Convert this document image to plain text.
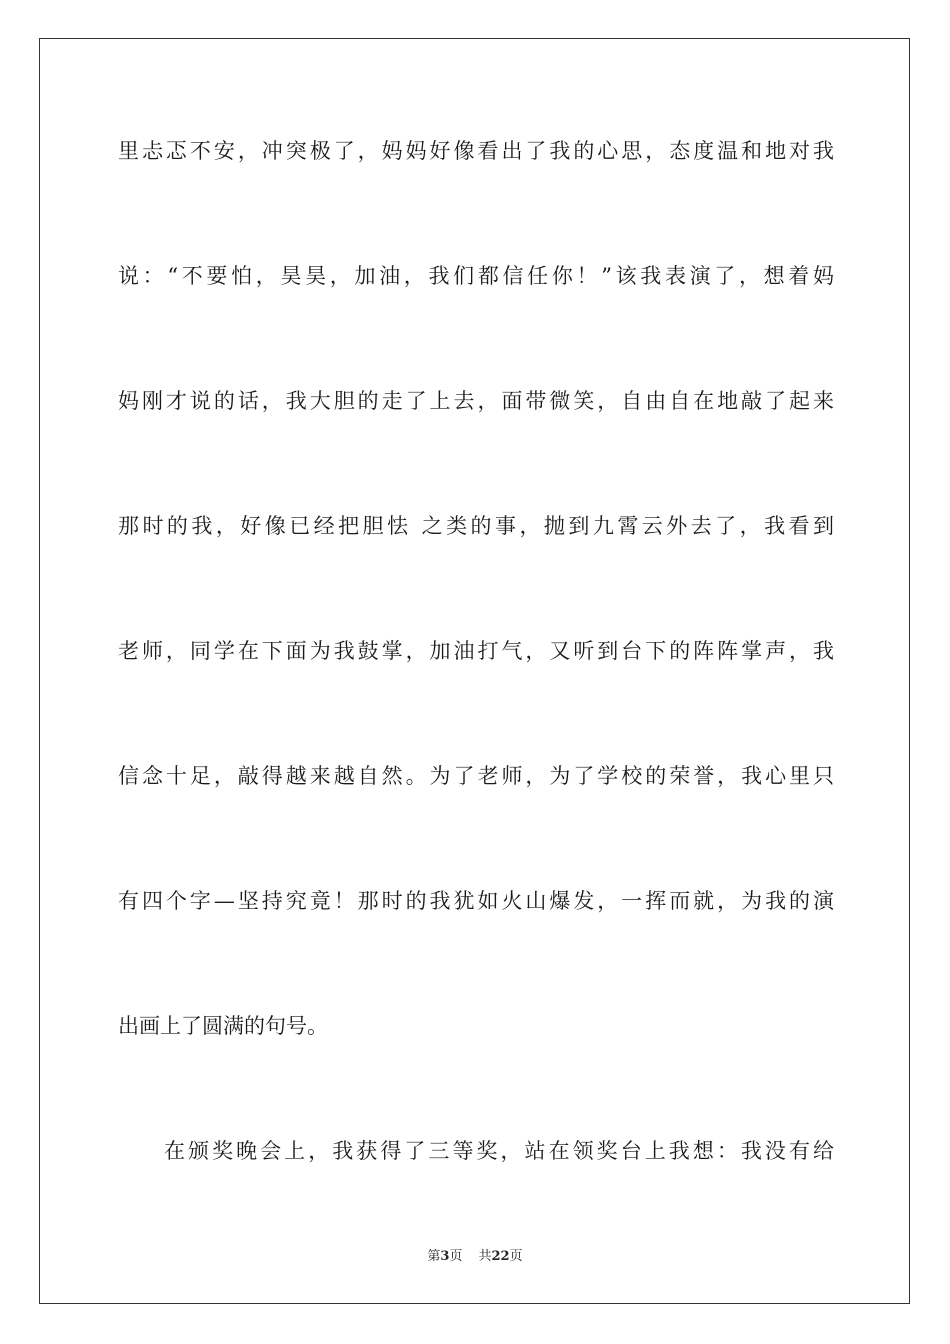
里忐忑不安，冲突极了，妈妈好像看出了我的心思，态度温和地对我
说：“不要怕，昊昊，加油，我们都信任你！”该我表演了，想着妈
妈刚才说的话，我大胆的走了上去，面带微笑，自由自在地敲了起来
那时的我，好像已经把胆怯 之类的事，抛到九霄云外去了，我看到
老师，同学在下面为我鼓掌，加油打气，又听到台下的阵阵掌声，我
信念十足，敲得越来越自然。为了老师，为了学校的荣誉，我心里只
有四个字—坚持究竟！那时的我犹如火山爆发，一挥而就，为我的演
出画上了圆满的句号。
在颁奖晚会上，我获得了三等奖，站在领奖台上我想：我没有给
第3页 共22页
